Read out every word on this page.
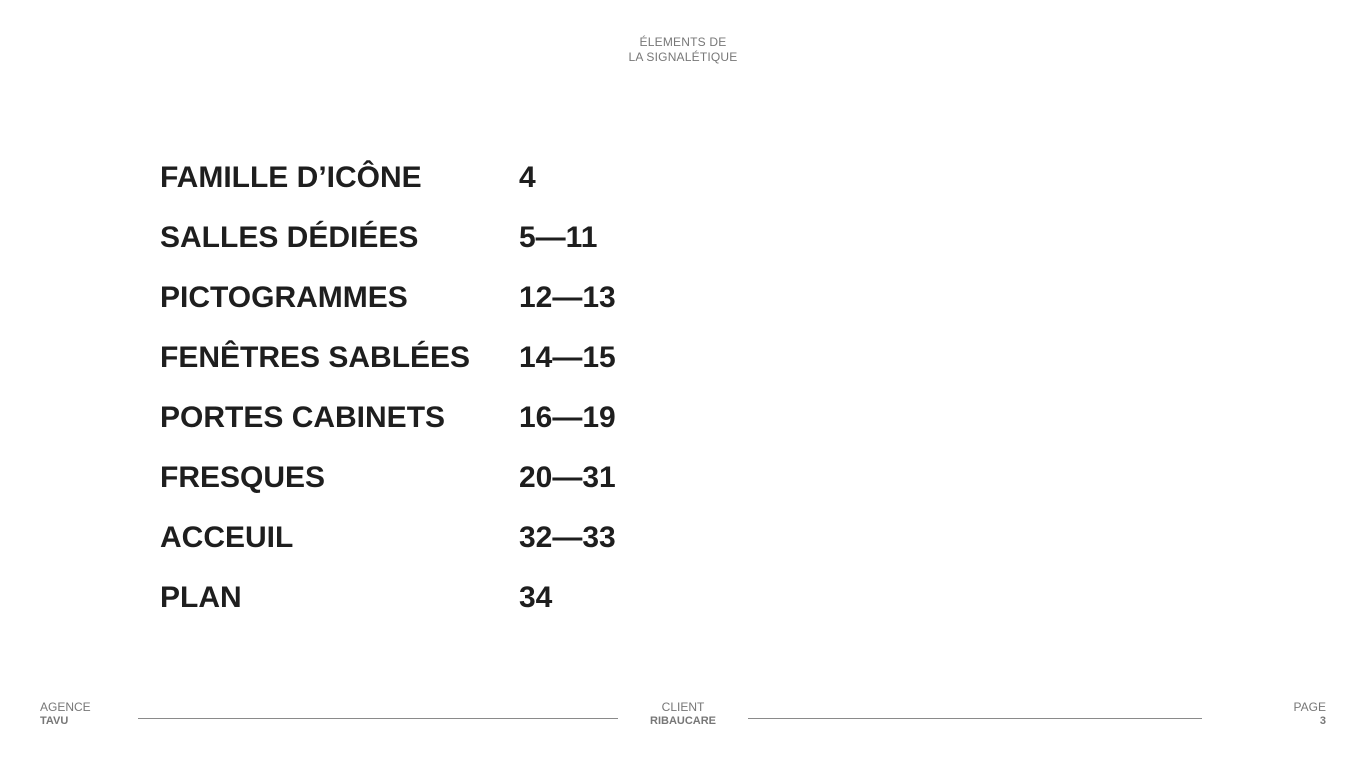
ÉLEMENTS DE
LA SIGNALÉTIQUE
FAMILLE D’ICÔNE	4
SALLES DÉDIÉES	5—11
PICTOGRAMMES	12—13
FENÊTRES SABLÉES 14—15
PORTES CABINETS 16—19
FRESQUES	20—31
ACCEUIL	32—33
PLAN	34
AGENCE
TAVU
CLIENT
RIBAUCARE
PAGE
3
